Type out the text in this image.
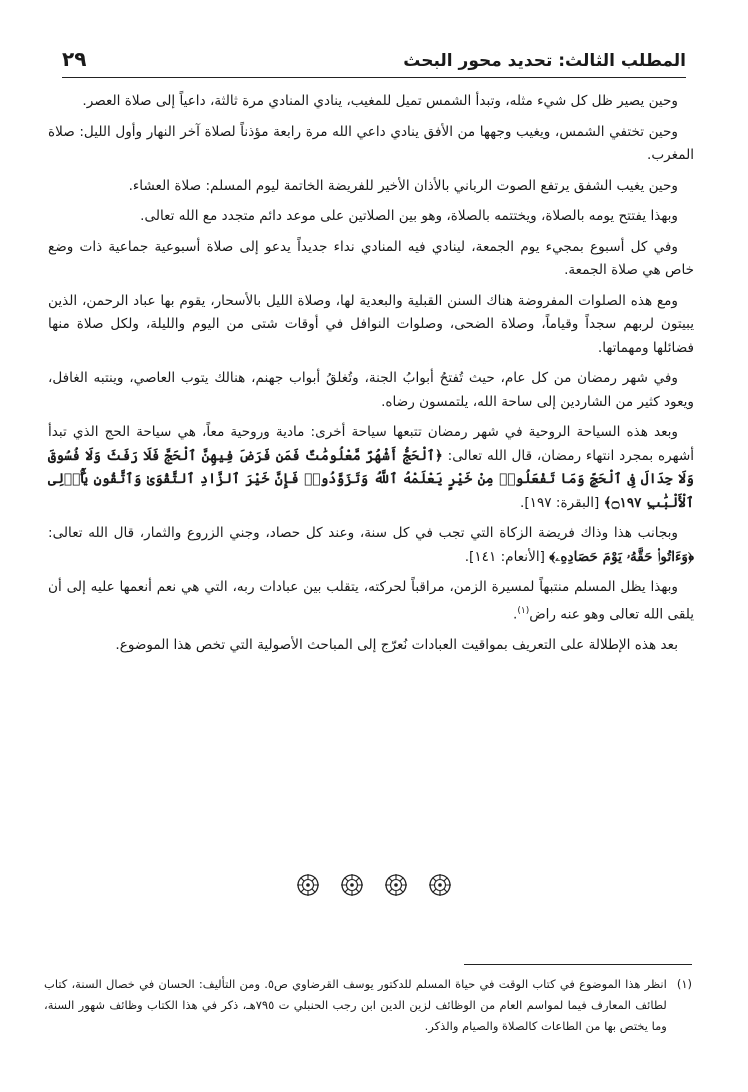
المطلب الثالث: تحديد محور البحث
٢٩

وحين يصير ظل كل شيء مثله، وتبدأ الشمس تميل للمغيب، ينادي المنادي مرة ثالثة، داعياً إلى صلاة العصر.

وحين تختفي الشمس، ويغيب وجهها من الأفق ينادي داعي الله مرة رابعة مؤذناً لصلاة آخر النهار وأول الليل: صلاة المغرب.

وحين يغيب الشفق يرتفع الصوت الرباني بالأذان الأخير للفريضة الخاتمة ليوم المسلم: صلاة العشاء.

وبهذا يفتتح يومه بالصلاة، ويختتمه بالصلاة، وهو بين الصلاتين على موعد دائم متجدد مع الله تعالى.

وفي كل أسبوع بمجيء يوم الجمعة، لينادي فيه المنادي نداء جديداً يدعو إلى صلاة أسبوعية جماعية ذات وضع خاص هي صلاة الجمعة.

ومع هذه الصلوات المفروضة هناك السنن القبلية والبعدية لها، وصلاة الليل بالأسحار، يقوم بها عباد الرحمن، الذين يبيتون لربهم سجداً وقياماً، وصلاة الضحى، وصلوات النوافل في أوقات شتى من اليوم والليلة، ولكل صلاة منها فضائلها ومهماتها.

وفي شهر رمضان من كل عام، حيث تُفتحُ أبوابُ الجنة، وتُغلقُ أبواب جهنم، هنالك يتوب العاصي، وينتبه الغافل، ويعود كثير من الشاردين إلى ساحة الله، يلتمسون رضاه.

وبعد هذه السياحة الروحية في شهر رمضان تتبعها سياحة أخرى: مادية وروحية معاً، هي سياحة الحج الذي تبدأ أشهره بمجرد انتهاء رمضان، قال الله تعالى: ﴿ٱلْحَجُّ أَشْهُرٌ مَّعْلُومَٰتٌ فَمَن فَرَضَ فِيهِنَّ ٱلْحَجَّ فَلَا رَفَثَ وَلَا فُسُوقَ وَلَا جِدَالَ فِى ٱلْحَجِّ وَمَا تَفْعَلُوا۟ مِنْ خَيْرٍ يَعْلَمْهُ ٱللَّهُ وَتَزَوَّدُوا۟ فَإِنَّ خَيْرَ ٱلزَّادِ ٱلتَّقْوَىٰ وَٱتَّقُونِ يَٰٓأُو۟لِى ٱلْأَلْبَٰبِ ۝١٩٧﴾ [البقرة: ١٩٧].

وبجانب هذا وذاك فريضة الزكاة التي تجب في كل سنة، وعند كل حصاد، وجني الزروع والثمار، قال الله تعالى: ﴿وَءَاتُوا۟ حَقَّهُۥ يَوْمَ حَصَادِهِۦ﴾ [الأنعام: ١٤١].

وبهذا يظل المسلم منتبهاً لمسيرة الزمن، مراقباً لحركته، يتقلب بين عبادات ربه، التي هي نعم أنعمها عليه إلى أن يلقى الله تعالى وهو عنه راض$^{(١)}$.

بعد هذه الإطلالة على التعريف بمواقيت العبادات نُعرّج إلى المباحث الأصولية التي تخص هذا الموضوع.

(١)
انظر هذا الموضوع في كتاب الوقت في حياة المسلم للدكتور يوسف القرضاوي ص٥. ومن التأليف: الحسان في خصال السنة، كتاب لطائف المعارف فيما لمواسم العام من الوظائف لزين الدين ابن رجب الحنبلي ت ٧٩٥هـ، ذكر في هذا الكتاب وظائف شهور السنة، وما يختص بها من الطاعات كالصلاة والصيام والذكر.
